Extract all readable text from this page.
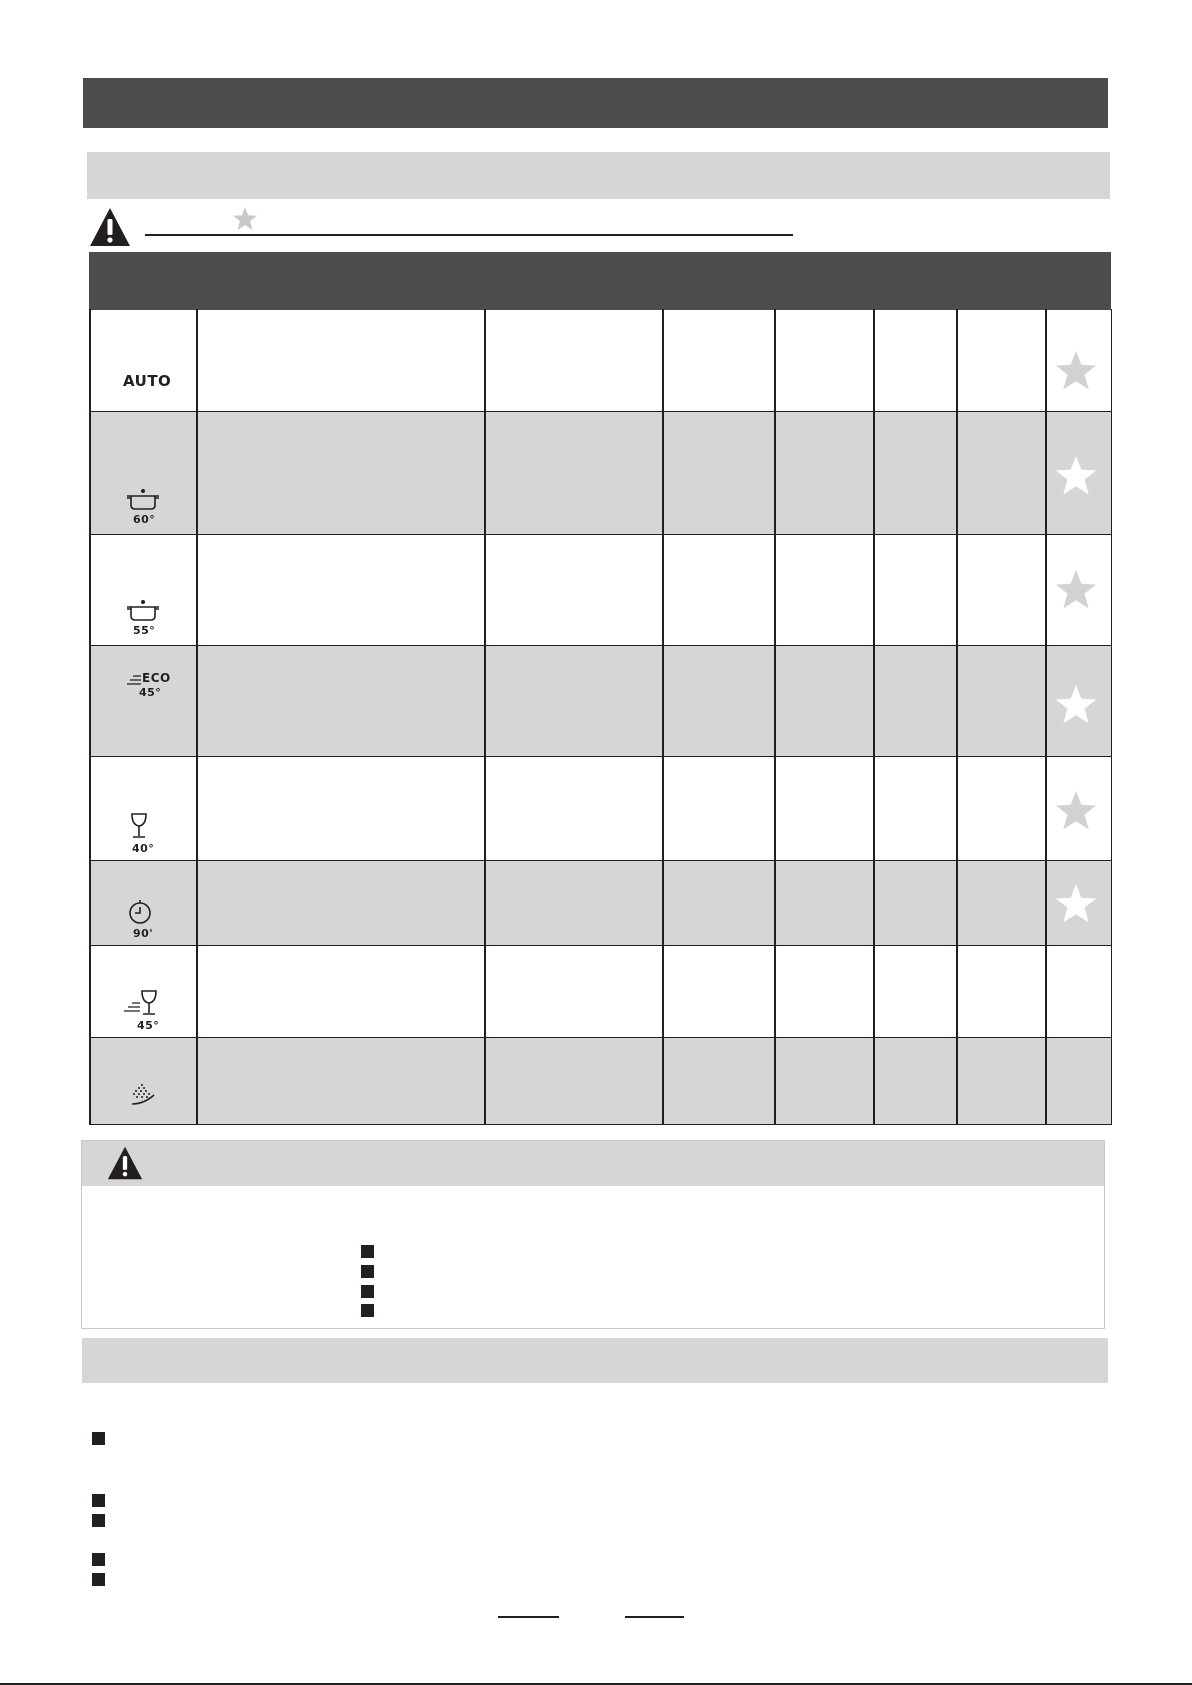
AUTO
60°
55°
ECO
45°
40°
90'
45°
